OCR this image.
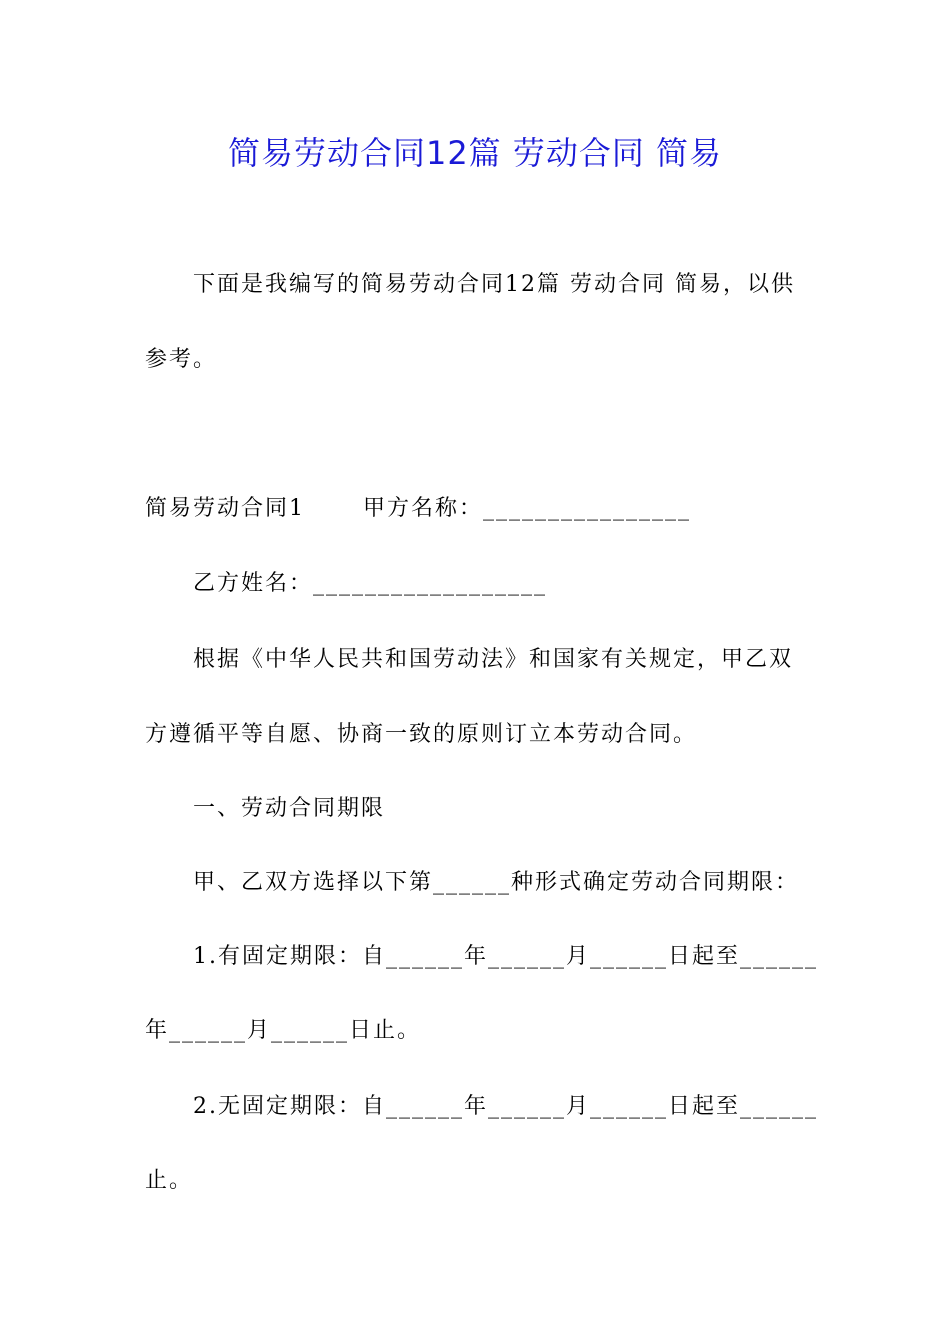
简易劳动合同12篇 劳动合同 简易
下面是我编写的简易劳动合同12篇 劳动合同 简易，以供
参考。
简易劳动合同1	甲方名称：________________
乙方姓名：__________________
根据《中华人民共和国劳动法》和国家有关规定，甲乙双
方遵循平等自愿、协商一致的原则订立本劳动合同。
一、劳动合同期限
甲、乙双方选择以下第______种形式确定劳动合同期限：
1.有固定期限：自______年______月______日起至______
年______月______日止。
2.无固定期限：自______年______月______日起至______
止。
